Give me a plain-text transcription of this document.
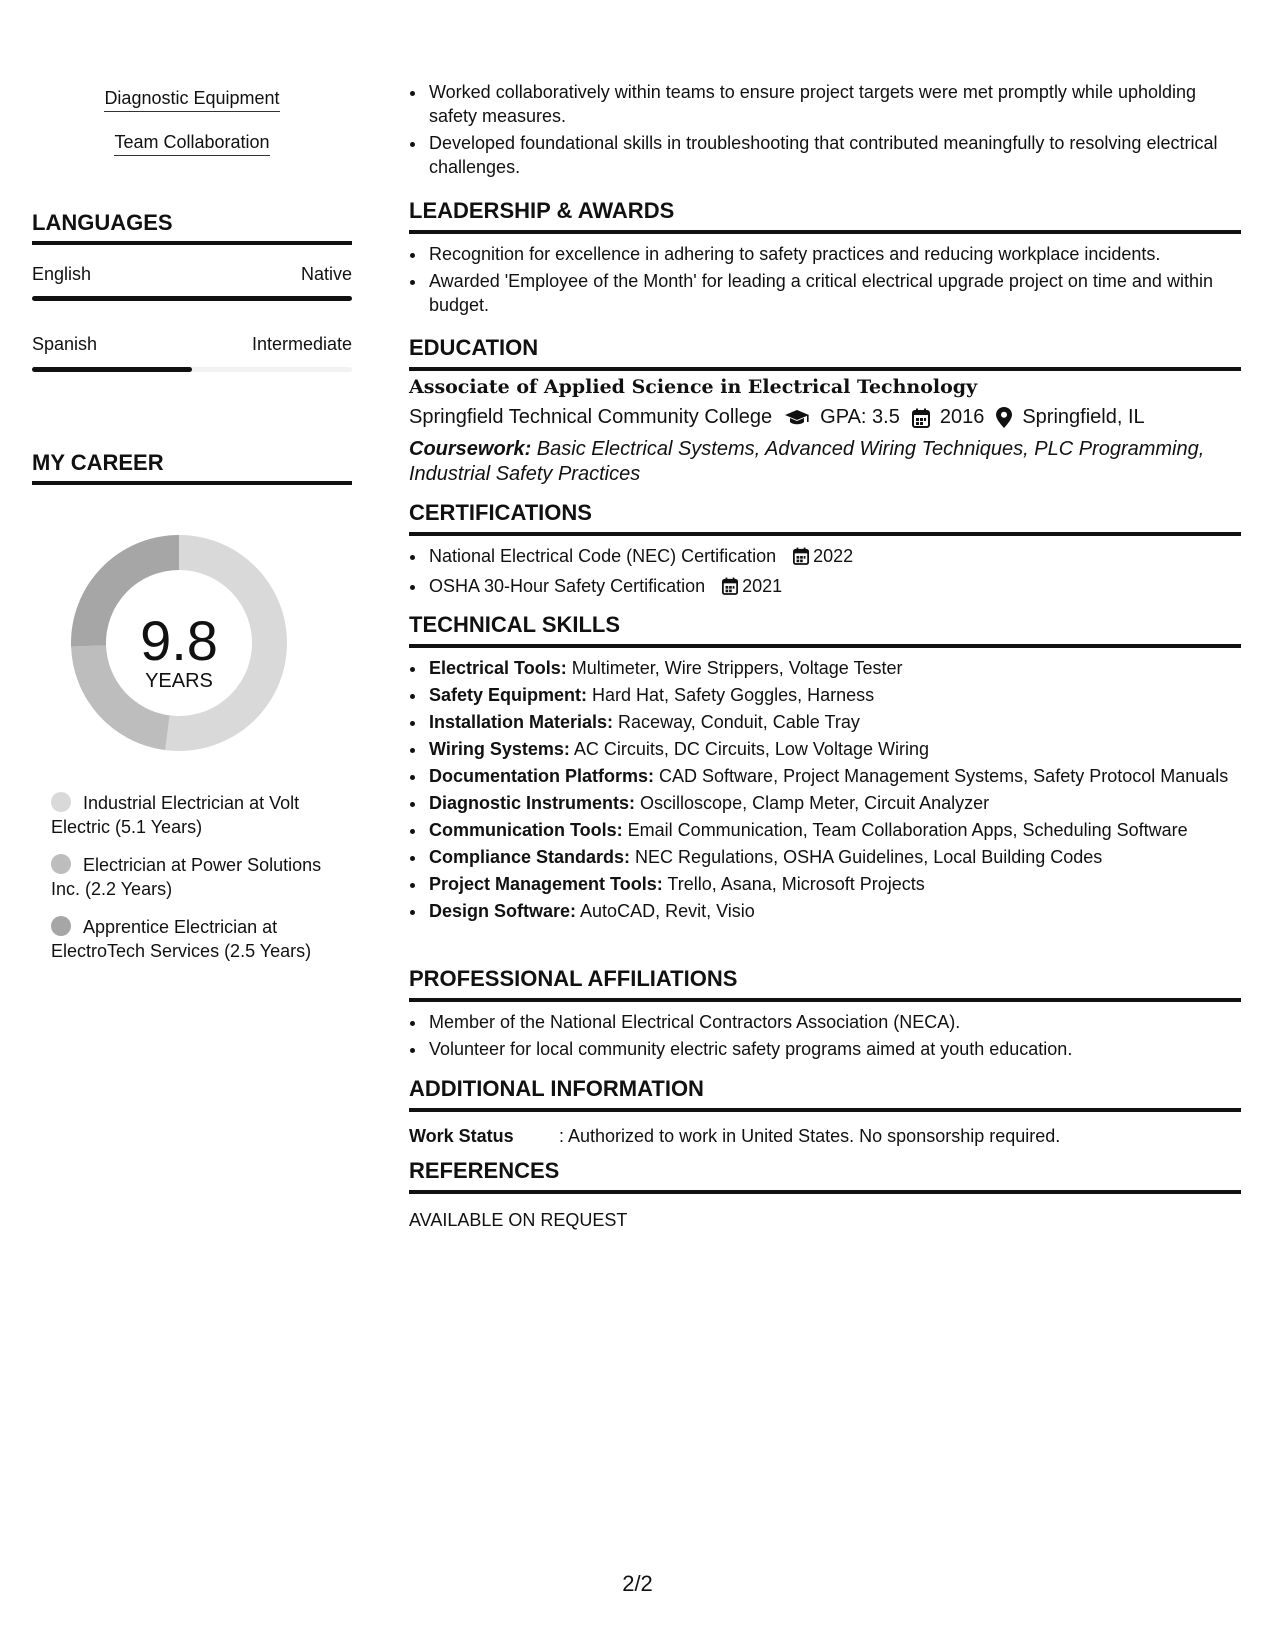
Diagnostic Equipment
Team Collaboration
LANGUAGES
English	Native
Spanish	Intermediate
MY CAREER
9.8
YEARS
Industrial Electrician at Volt Electric (5.1 Years)
Electrician at Power Solutions Inc. (2.2 Years)
Apprentice Electrician at ElectroTech Services (2.5 Years)
• Worked collaboratively within teams to ensure project targets were met promptly while upholding safety measures.
• Developed foundational skills in troubleshooting that contributed meaningfully to resolving electrical challenges.
LEADERSHIP & AWARDS
• Recognition for excellence in adhering to safety practices and reducing workplace incidents.
• Awarded 'Employee of the Month' for leading a critical electrical upgrade project on time and within budget.
EDUCATION
Associate of Applied Science in Electrical Technology
Springfield Technical Community College GPA: 3.5 2016 Springfield, IL
Coursework: Basic Electrical Systems, Advanced Wiring Techniques, PLC Programming, Industrial Safety Practices
CERTIFICATIONS
• National Electrical Code (NEC) Certification 2022
• OSHA 30-Hour Safety Certification 2021
TECHNICAL SKILLS
• Electrical Tools: Multimeter, Wire Strippers, Voltage Tester
• Safety Equipment: Hard Hat, Safety Goggles, Harness
• Installation Materials: Raceway, Conduit, Cable Tray
• Wiring Systems: AC Circuits, DC Circuits, Low Voltage Wiring
• Documentation Platforms: CAD Software, Project Management Systems, Safety Protocol Manuals
• Diagnostic Instruments: Oscilloscope, Clamp Meter, Circuit Analyzer
• Communication Tools: Email Communication, Team Collaboration Apps, Scheduling Software
• Compliance Standards: NEC Regulations, OSHA Guidelines, Local Building Codes
• Project Management Tools: Trello, Asana, Microsoft Projects
• Design Software: AutoCAD, Revit, Visio
PROFESSIONAL AFFILIATIONS
• Member of the National Electrical Contractors Association (NECA).
• Volunteer for local community electric safety programs aimed at youth education.
ADDITIONAL INFORMATION
Work Status	: Authorized to work in United States. No sponsorship required.
REFERENCES
AVAILABLE ON REQUEST
2/2
